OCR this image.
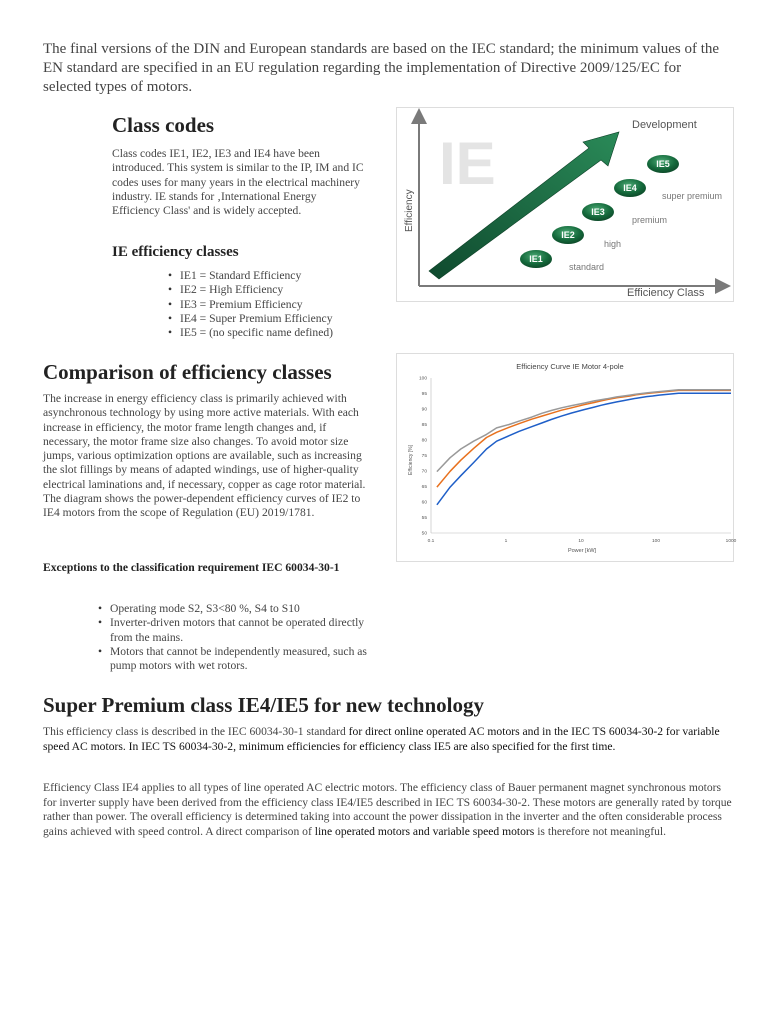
The final versions of the DIN and European standards are based on the IEC standard; the minimum values of the EN standard are specified in an EU regulation regarding the implementation of Directive 2009/125/EC for selected types of motors.
Class codes
Class codes IE1, IE2, IE3 and IE4 have been introduced. This system is similar to the IP, IM and IC codes uses for many years in the electrical machinery industry. IE stands for ‚International Energy Efficiency Class' and is widely accepted.
IE efficiency classes
• IE1 = Standard Efficiency
• IE2 = High Efficiency
• IE3 = Premium Efficiency
• IE4 = Super Premium Efficiency
• IE5 = (no specific name defined)
IE
Efficiency
Efficiency Class
Development
IE1
IE2
IE3
IE4
IE5
standard
high
premium
super premium
Comparison of efficiency classes
The increase in energy efficiency class is primarily achieved with asynchronous technology by using more active materials. With each increase in efficiency, the motor frame length changes and, if necessary, the motor frame size also changes. To avoid motor size jumps, various optimization options are available, such as increasing the slot fillings by means of adapted windings, use of higher-quality electrical laminations and, if necessary, copper as cage rotor material. The diagram shows the power-dependent efficiency curves of IE2 to IE4 motors from the scope of Regulation (EU) 2019/1781.
Efficiency Curve IE Motor 4-pole
Efficiency [%]
Power [kW]
50
55
60
65
70
75
80
85
90
95
100
0.1	1	10	100	1000
Exceptions to the classification requirement IEC 60034-30-1
• Operating mode S2, S3<80 %, S4 to S10
• Inverter-driven motors that cannot be operated directly from the mains.
• Motors that cannot be independently measured, such as pump motors with wet rotors.
Super Premium class IE4/IE5 for new technology
This efficiency class is described in the IEC 60034-30-1 standard for direct online operated AC motors and in the IEC TS 60034-30-2 for variable speed AC motors. In IEC TS 60034-30-2, minimum efficiencies for efficiency class IE5 are also specified for the first time.
Efficiency Class IE4 applies to all types of line operated AC electric motors. The efficiency class of Bauer permanent magnet synchronous motors for inverter supply have been derived from the efficiency class IE4/IE5 described in IEC TS 60034-30-2. These motors are generally rated by torque rather than power. The overall efficiency is determined taking into account the power dissipation in the inverter and the often considerable process gains achieved with speed control. A direct comparison of line operated motors and variable speed motors is therefore not meaningful.
